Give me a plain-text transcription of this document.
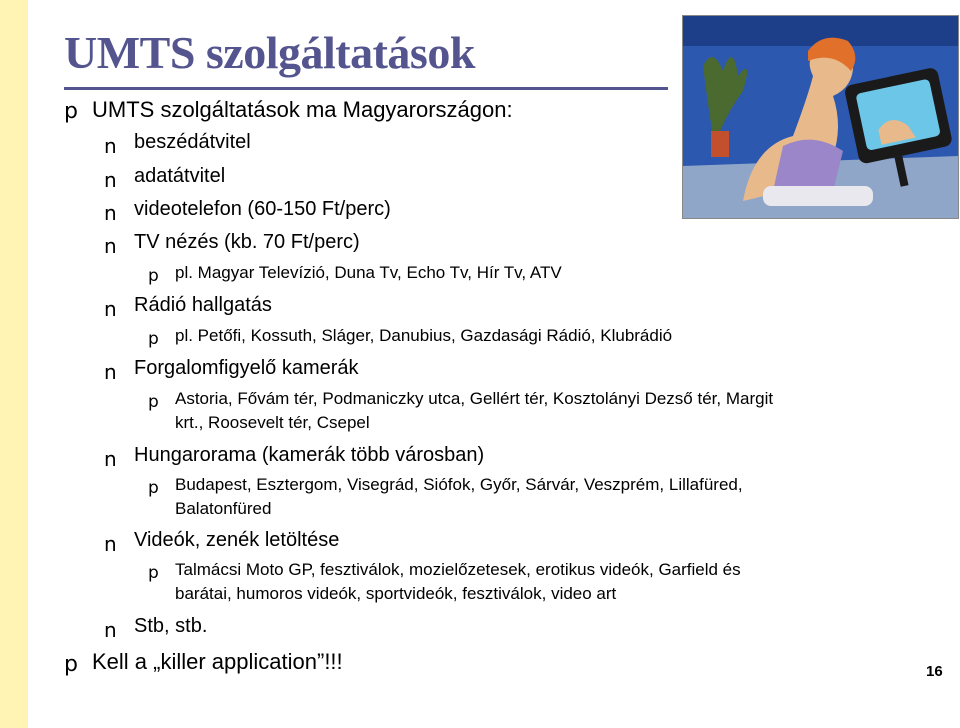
UMTS szolgáltatások
p UMTS szolgáltatások ma Magyarországon:
n beszédátvitel
n adatátvitel
n videotelefon (60-150 Ft/perc)
n TV nézés (kb. 70 Ft/perc)
p pl. Magyar Televízió, Duna Tv, Echo Tv, Hír Tv, ATV
n Rádió hallgatás
p pl. Petőfi, Kossuth, Sláger, Danubius, Gazdasági Rádió, Klubrádió
n Forgalomfigyelő kamerák
p Astoria, Fővám tér, Podmaniczky utca, Gellért tér, Kosztolányi Dezső tér, Margit
krt., Roosevelt tér, Csepel
n Hungarorama (kamerák több városban)
p Budapest, Esztergom, Visegrád, Siófok, Győr, Sárvár, Veszprém, Lillafüred,
Balatonfüred
n Videók, zenék letöltése
p Talmácsi Moto GP, fesztiválok, mozielőzetesek, erotikus videók, Garfield és
barátai, humoros videók, sportvideók, fesztiválok, video art
n Stb, stb.
p Kell a „killer application”!!!	16
